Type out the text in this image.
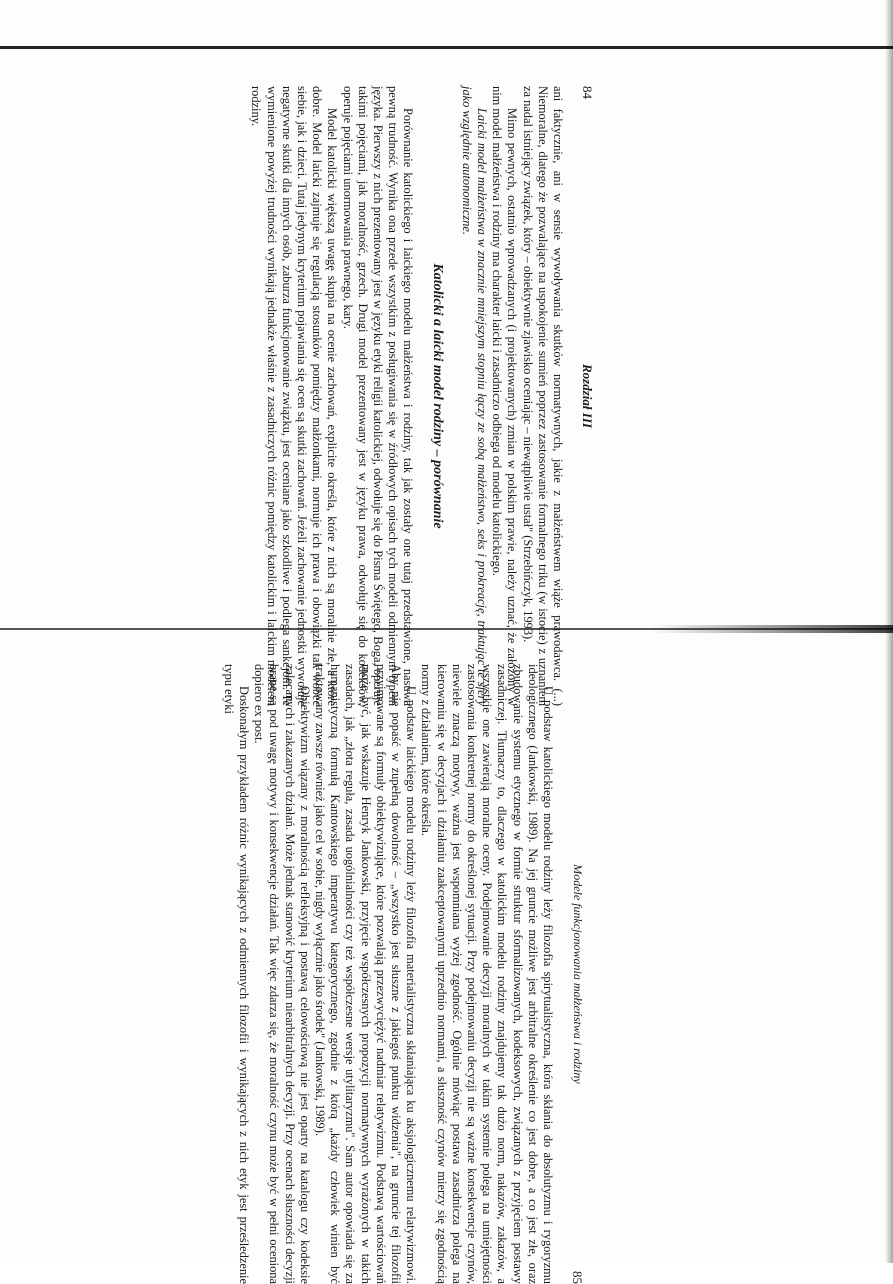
84
Rozdział III

ani faktycznie, ani w sensie wywoływania skutków normatywnych, jakie z małżeństwem wiąże prawodawca. (...) Niemoralne, dlatego że pozwalające na uspokojenie sumień poprzez zastosowanie formalnego triku (w istocie) z uznaniem za nadal istniejący związek, który – obiektywnie zjawisko oceniając – niewątpliwie ustał" (Strzebińczyk, 1993).

Mimo pewnych, ostatnio wprowadzanych (i projektowanych) zmian w polskim prawie, należy uznać, że założony w nim model małżeństwa i rodziny ma charakter laicki i zasadniczo odbiega od modelu katolickiego.

Laicki model małżeństwa w znacznie mniejszym stopniu łączy ze sobą małżeństwo, seks i prokreację, traktując te sfery jako względnie autonomiczne.

Katolicki a laicki model rodziny – porównanie

Porównanie katolickiego i laickiego modelu małżeństwa i rodziny, tak jak zostały one tutaj przedstawione, nasuwa pewną trudność. Wynika ona przede wszystkim z posługiwania się w źródłowych opisach tych modeli odmiennym typem języka. Pierwszy z nich prezentowany jest w języku etyki religii katolickiej, odwołuje się do Pisma Świętego, Boga, operuje takimi pojęciami, jak moralność, grzech. Drugi model prezentowany jest w języku prawa, odwołuje się do kodeksów, operuje pojęciami unormowania prawnego, kary.

Model katolicki większą uwagę skupia na ocenie zachowań, explicite określa, które z nich są moralnie złe, a które dobre. Model laicki zajmuje się regulacją stosunków pomiędzy małżonkami, normuje ich prawa i obowiązki tak wobec siebie, jak i dzieci. Tutaj jedynym kryterium pojawiania się ocen są skutki zachowań. Jeżeli zachowanie jednostki wywołuje negatywne skutki dla innych osób, zaburza funkcjonowanie związku, jest oceniane jako szkodliwe i podlega sankcjom. Te wymienione powyżej trudności wynikają jednakże właśnie z zasadniczych różnic pomiędzy katolickim i laickim modelem rodziny.

85
Modele funkcjonowania małżeństwa i rodziny

U podstaw katolickiego modelu rodziny leży filozofia spirytualistyczna, która skłania do absolutyzmu i rygoryzmu ideologicznego (Jankowski, 1989). Na jej gruncie możliwe jest arbitralne określenie co jest dobre, a co jest złe, oraz zbudowanie systemu etycznego w formie struktur sformalizowanych, kodeksowych, związanych z przyjęciem postawy zasadniczej. Tłumaczy to, dlaczego w katolickim modelu rodziny znajdujemy tak dużo norm, nakazów, zakazów, a wszystkie one zawierają moralne oceny. Podejmowanie decyzji moralnych w takim systemie polega na umiejętności zastosowania konkretnej normy do określonej sytuacji. Przy podejmowaniu decyzji nie są ważne konsekwencje czynów, niewiele znaczą motywy, ważna jest wspomniana wyżej zgodność. Ogólnie mówiąc postawa zasadnicza polega na kierowaniu się w decyzjach i działaniu zaakceptowanymi uprzednio normami, a słuszność czynów mierzy się zgodnością normy z działaniem, które określa.

U podstaw laickiego modelu rodziny leży filozofia materialistyczna skłaniająca ku aksjologicznemu relatywizmowi. Aby nie popaść w zupełną dowolność – „wszystko jest słuszne z jakiegoś punktu widzenia", na gruncie tej filozofii przyjmowane są formuły obiektywizujące, które pozwalają przezwyciężyć nadmiar relatywizmu. Podstawą wartościowań może być, jak wskazuje Henryk Jankowski, przyjęcie współczesnych propozycji normatywnych wyrażonych w takich zasadach, jak „złota reguła, zasada uogólnialności czy też współczesne wersje utylitaryzmu". Sam autor opowiada się za humanistyczną formułą Kantowskiego imperatywu kategorycznego, zgodnie z którą „każdy człowiek winien być traktowany zawsze również jako cel w sobie, nigdy wyłącznie jako środek" (Jankowski, 1989).

Obiektywizm wiązany z moralnością refleksyjną i postawą celowościową nie jest oparty na katalogu czy kodeksie zalecanych i zakazanych działań. Może jednak stanowić kryterium niearbitralnych decyzji. Przy ocenach słuszności decyzji brane są pod uwagę motywy i konsekwencje działań. Tak więc zdarza się, że moralność czynu może być w pełni oceniona dopiero ex post.

Doskonałym przykładem różnic wynikających z odmiennych filozofii i wynikających z nich etyk jest prześledzenie typu etyki
